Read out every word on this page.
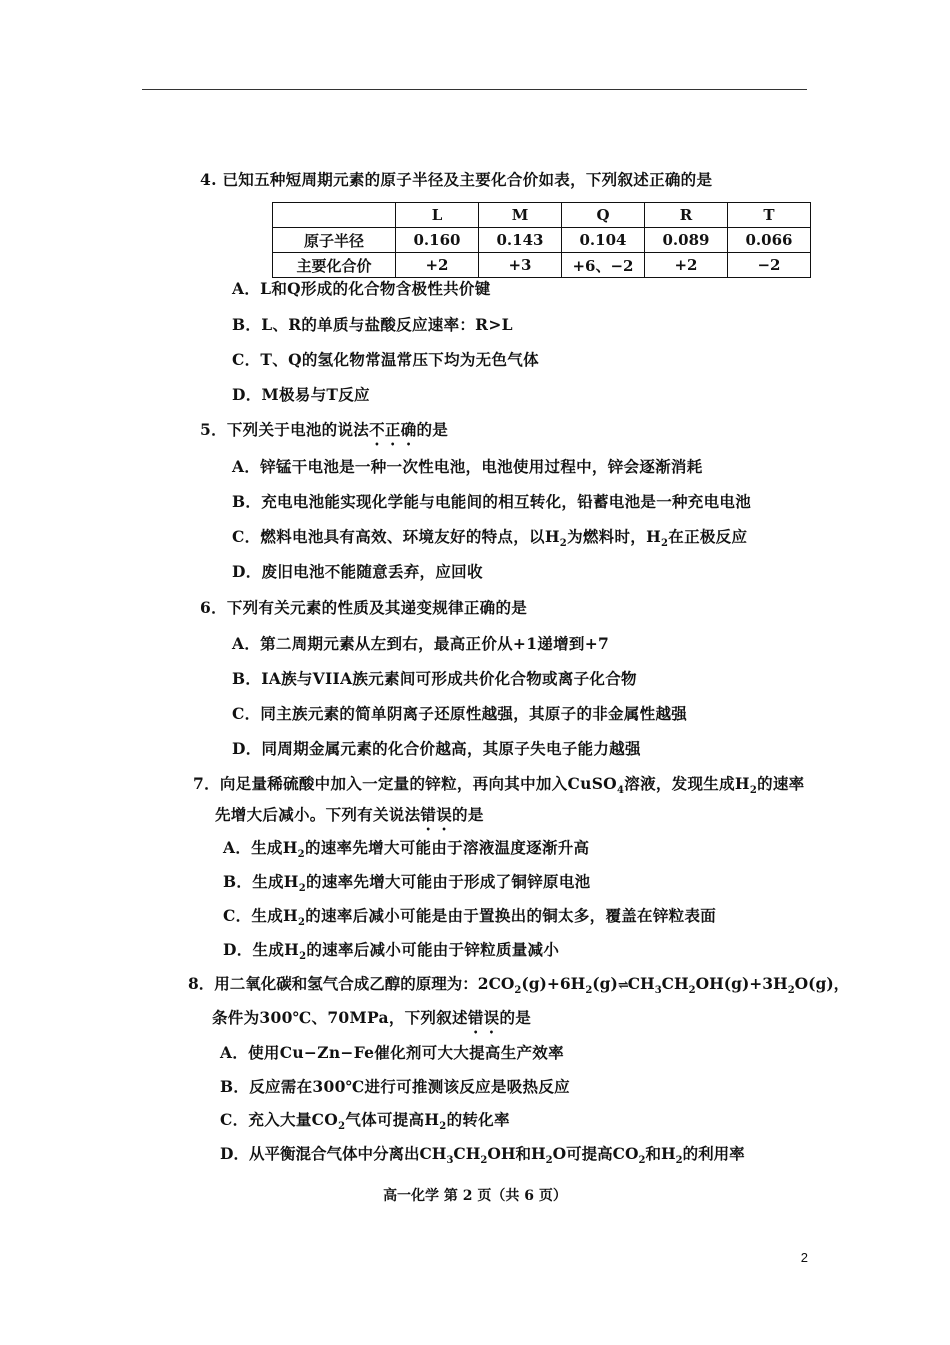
4. 已知五种短周期元素的原子半径及主要化合价如表，下列叙述正确的是
	L	M	Q	R	T
原子半径	0.160	0.143	0.104	0.089	0.066
主要化合价	+2	+3	+6、−2	+2	−2
A．L和Q形成的化合物含极性共价键
B．L、R的单质与盐酸反应速率：R>L
C．T、Q的氢化物常温常压下均为无色气体
D．M极易与T反应
5．下列关于电池的说法不正确的是
A．锌锰干电池是一种一次性电池，电池使用过程中，锌会逐渐消耗
B．充电电池能实现化学能与电能间的相互转化，铅蓄电池是一种充电电池
C．燃料电池具有高效、环境友好的特点，以$H_2$为燃料时，$H_2$在正极反应
D．废旧电池不能随意丢弃，应回收
6．下列有关元素的性质及其递变规律正确的是
A．第二周期元素从左到右，最高正价从+1递增到+7
B．IA族与VIIA族元素间可形成共价化合物或离子化合物
C．同主族元素的简单阴离子还原性越强，其原子的非金属性越强
D．同周期金属元素的化合价越高，其原子失电子能力越强
7．向足量稀硫酸中加入一定量的锌粒，再向其中加入CuSO$_4$溶液，发现生成$H_2$的速率
先增大后减小。下列有关说法错误的是
A．生成$H_2$的速率先增大可能由于溶液温度逐渐升高
B．生成$H_2$的速率先增大可能由于形成了铜锌原电池
C．生成$H_2$的速率后减小可能是由于置换出的铜太多，覆盖在锌粒表面
D．生成$H_2$的速率后减小可能由于锌粒质量减小
8．用二氧化碳和氢气合成乙醇的原理为：$2CO_2(g)+6H_2(g)\rightleftharpoons CH_3CH_2OH(g)+3H_2O(g)$，
条件为300℃、70MPa，下列叙述错误的是
A．使用Cu−Zn−Fe催化剂可大大提高生产效率
B．反应需在300℃进行可推测该反应是吸热反应
C．充入大量$CO_2$气体可提高$H_2$的转化率
D．从平衡混合气体中分离出$CH_3CH_2OH$和$H_2O$可提高$CO_2$和$H_2$的利用率
高一化学 第 2 页（共 6 页）
2
